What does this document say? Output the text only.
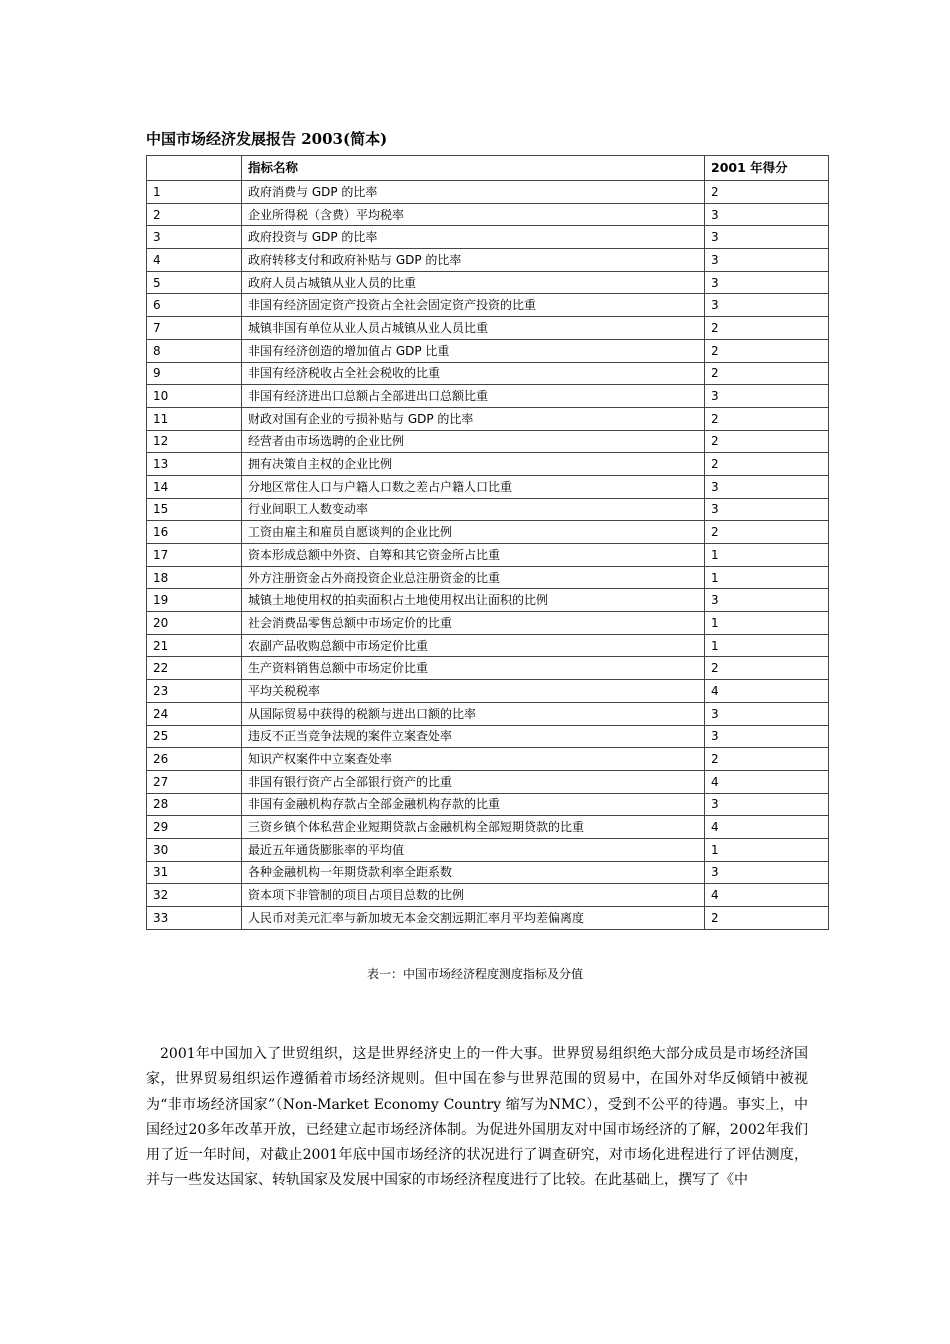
中国市场经济发展报告 2003(简本)
	指标名称	2001 年得分
1	政府消费与 GDP 的比率	2
2	企业所得税（含费）平均税率	3
3	政府投资与 GDP 的比率	3
4	政府转移支付和政府补贴与 GDP 的比率	3
5	政府人员占城镇从业人员的比重	3
6	非国有经济固定资产投资占全社会固定资产投资的比重	3
7	城镇非国有单位从业人员占城镇从业人员比重	2
8	非国有经济创造的增加值占 GDP 比重	2
9	非国有经济税收占全社会税收的比重	2
10	非国有经济进出口总额占全部进出口总额比重	3
11	财政对国有企业的亏损补贴与 GDP 的比率	2
12	经营者由市场选聘的企业比例	2
13	拥有决策自主权的企业比例	2
14	分地区常住人口与户籍人口数之差占户籍人口比重	3
15	行业间职工人数变动率	3
16	工资由雇主和雇员自愿谈判的企业比例	2
17	资本形成总额中外资、自筹和其它资金所占比重	1
18	外方注册资金占外商投资企业总注册资金的比重	1
19	城镇土地使用权的拍卖面积占土地使用权出让面积的比例	3
20	社会消费品零售总额中市场定价的比重	1
21	农副产品收购总额中市场定价比重	1
22	生产资料销售总额中市场定价比重	2
23	平均关税税率	4
24	从国际贸易中获得的税额与进出口额的比率	3
25	违反不正当竞争法规的案件立案查处率	3
26	知识产权案件中立案查处率	2
27	非国有银行资产占全部银行资产的比重	4
28	非国有金融机构存款占全部金融机构存款的比重	3
29	三资乡镇个体私营企业短期贷款占金融机构全部短期贷款的比重	4
30	最近五年通货膨胀率的平均值	1
31	各种金融机构一年期贷款利率全距系数	3
32	资本项下非管制的项目占项目总数的比例	4
33	人民币对美元汇率与新加坡无本金交割远期汇率月平均差偏离度	2
表一：中国市场经济程度测度指标及分值
2001年中国加入了世贸组织，这是世界经济史上的一件大事。世界贸易组织绝大部分成员是市场经济国家，世界贸易组织运作遵循着市场经济规则。但中国在参与世界范围的贸易中，在国外对华反倾销中被视为“非市场经济国家”（Non-Market Economy Country 缩写为NMC），受到不公平的待遇。事实上，中国经过20多年改革开放，已经建立起市场经济体制。为促进外国朋友对中国市场经济的了解，2002年我们用了近一年时间，对截止2001年底中国市场经济的状况进行了调查研究，对市场化进程进行了评估测度，并与一些发达国家、转轨国家及发展中国家的市场经济程度进行了比较。在此基础上，撰写了《中
